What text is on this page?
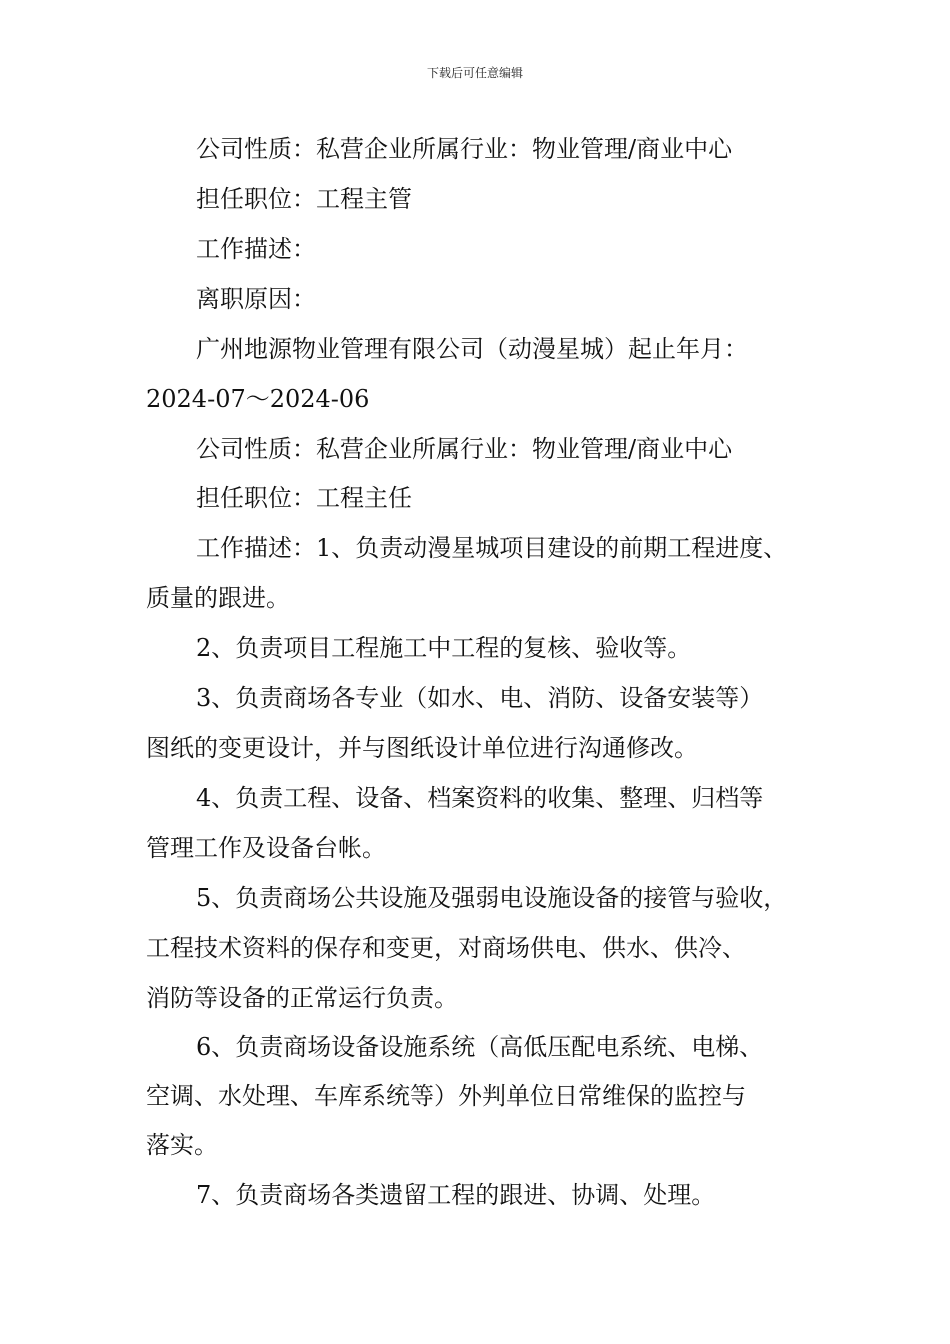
下载后可任意编辑
公司性质：私营企业所属行业：物业管理/商业中心
担任职位：工程主管
工作描述：
离职原因：
广州地源物业管理有限公司（动漫星城）起止年月：
2024-07～2024-06
公司性质：私营企业所属行业：物业管理/商业中心
担任职位：工程主任
工作描述：1、负责动漫星城项目建设的前期工程进度、
质量的跟进。
2、负责项目工程施工中工程的复核、验收等。
3、负责商场各专业（如水、电、消防、设备安装等）
图纸的变更设计，并与图纸设计单位进行沟通修改。
4、负责工程、设备、档案资料的收集、整理、归档等
管理工作及设备台帐。
5、负责商场公共设施及强弱电设施设备的接管与验收，
工程技术资料的保存和变更，对商场供电、供水、供冷、
消防等设备的正常运行负责。
6、负责商场设备设施系统（高低压配电系统、电梯、
空调、水处理、车库系统等）外判单位日常维保的监控与
落实。
7、负责商场各类遗留工程的跟进、协调、处理。
